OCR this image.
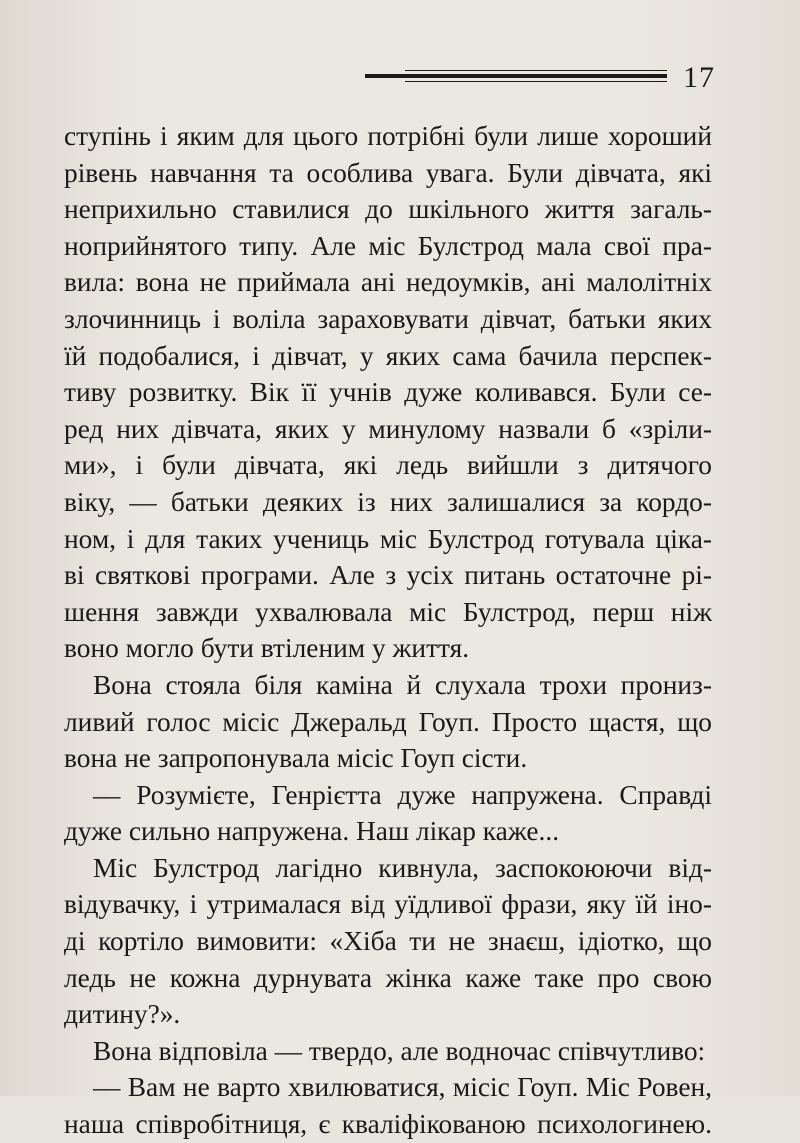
17
ступінь і яким для цього потрібні були лише хороший
рівень навчання та особлива увага. Були дівчата, які
неприхильно ставилися до шкільного життя загаль-
ноприйнятого типу. Але міс Булстрод мала свої пра-
вила: вона не приймала ані недоумків, ані малолітніх
злочинниць і воліла зараховувати дівчат, батьки яких
їй подобалися, і дівчат, у яких сама бачила перспек-
тиву розвитку. Вік її учнів дуже коливався. Були се-
ред них дівчата, яких у минулому назвали б «зріли-
ми», і були дівчата, які ледь вийшли з дитячого
віку, — батьки деяких із них залишалися за кордо-
ном, і для таких учениць міс Булстрод готувала ціка-
ві святкові програми. Але з усіх питань остаточне рі-
шення завжди ухвалювала міс Булстрод, перш ніж
воно могло бути втіленим у життя.
Вона стояла біля каміна й слухала трохи прониз-
ливий голос місіс Джеральд Гоуп. Просто щастя, що
вона не запропонувала місіс Гоуп сісти.
— Розумієте, Генрієтта дуже напружена. Справді
дуже сильно напружена. Наш лікар каже...
Міс Булстрод лагідно кивнула, заспокоюючи від-
відувачку, і утрималася від уїдливої фрази, яку їй іно-
ді кортіло вимовити: «Хіба ти не знаєш, ідіотко, що
ледь не кожна дурнувата жінка каже таке про свою
дитину?».
Вона відповіла — твердо, але водночас співчутливо:
— Вам не варто хвилюватися, місіс Гоуп. Міс Ровен,
наша співробітниця, є кваліфікованою психологинею.
